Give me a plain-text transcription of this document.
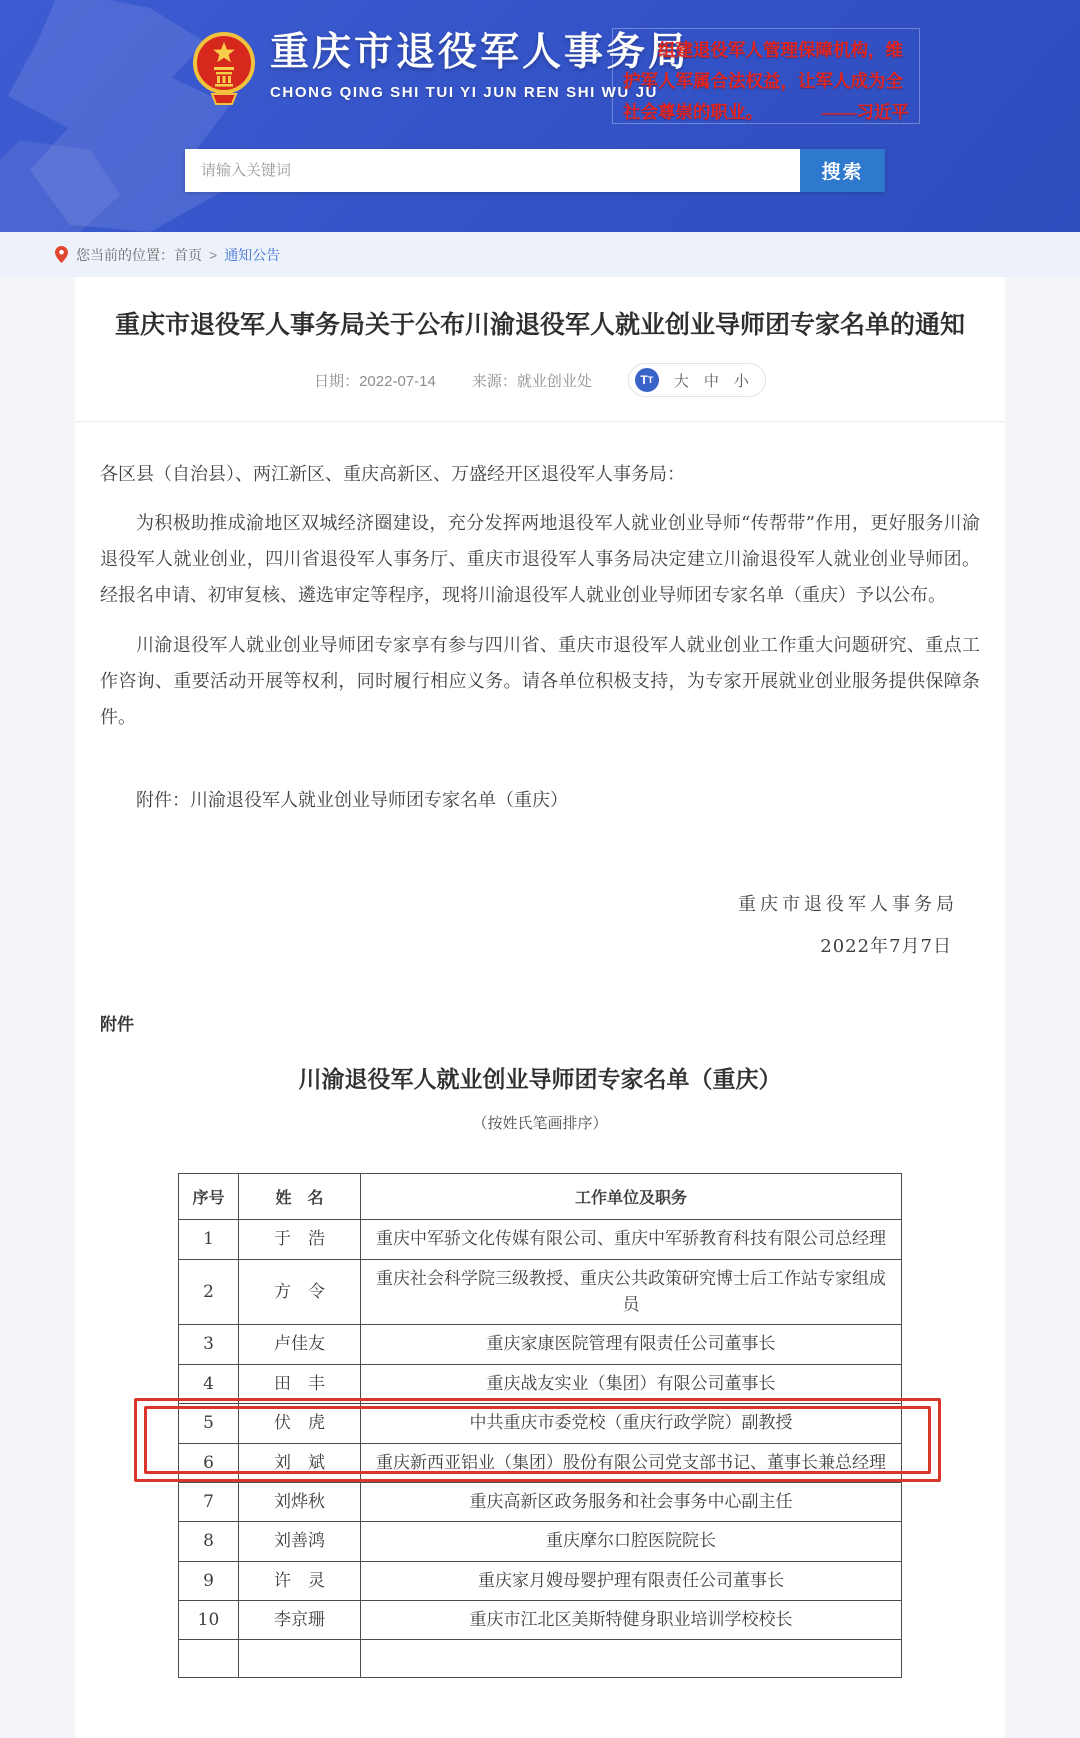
重庆市退役军人事务局
CHONG QING SHI TUI YI JUN REN SHI WU JU
组建退役军人管理保障机构，维护军人军属合法权益，让军人成为全社会尊崇的职业。	——习近平
请输入关键词
搜索
您当前的位置： 首页 > 通知公告
重庆市退役军人事务局关于公布川渝退役军人就业创业导师团专家名单的通知
日期：2022-07-14 来源：就业创业处	T T 大 中 小

各区县（自治县）、两江新区、重庆高新区、万盛经开区退役军人事务局：

为积极助推成渝地区双城经济圈建设，充分发挥两地退役军人就业创业导师“传帮带”作用，更好服务川渝退役军人就业创业，四川省退役军人事务厅、重庆市退役军人事务局决定建立川渝退役军人就业创业导师团。经报名申请、初审复核、遴选审定等程序，现将川渝退役军人就业创业导师团专家名单（重庆）予以公布。

川渝退役军人就业创业导师团专家享有参与四川省、重庆市退役军人就业创业工作重大问题研究、重点工作咨询、重要活动开展等权利，同时履行相应义务。请各单位积极支持，为专家开展就业创业服务提供保障条件。

附件：川渝退役军人就业创业导师团专家名单（重庆）

重庆市退役军人事务局

2022年7月7日

附件

川渝退役军人就业创业导师团专家名单（重庆）

（按姓氏笔画排序）

序号	姓　名	工作单位及职务
1	于　浩	重庆中军骄文化传媒有限公司、重庆中军骄教育科技有限公司总经理
2	方　令	重庆社会科学院三级教授、重庆公共政策研究博士后工作站专家组成员
3	卢佳友	重庆家康医院管理有限责任公司董事长
4	田　丰	重庆战友实业（集团）有限公司董事长
5	伏　虎	中共重庆市委党校（重庆行政学院）副教授
6	刘　斌	重庆新西亚铝业（集团）股份有限公司党支部书记、董事长兼总经理
7	刘烨秋	重庆高新区政务服务和社会事务中心副主任
8	刘善鸿	重庆摩尔口腔医院院长
9	许　灵	重庆家月嫂母婴护理有限责任公司董事长
10	李京珊	重庆市江北区美斯特健身职业培训学校校长
